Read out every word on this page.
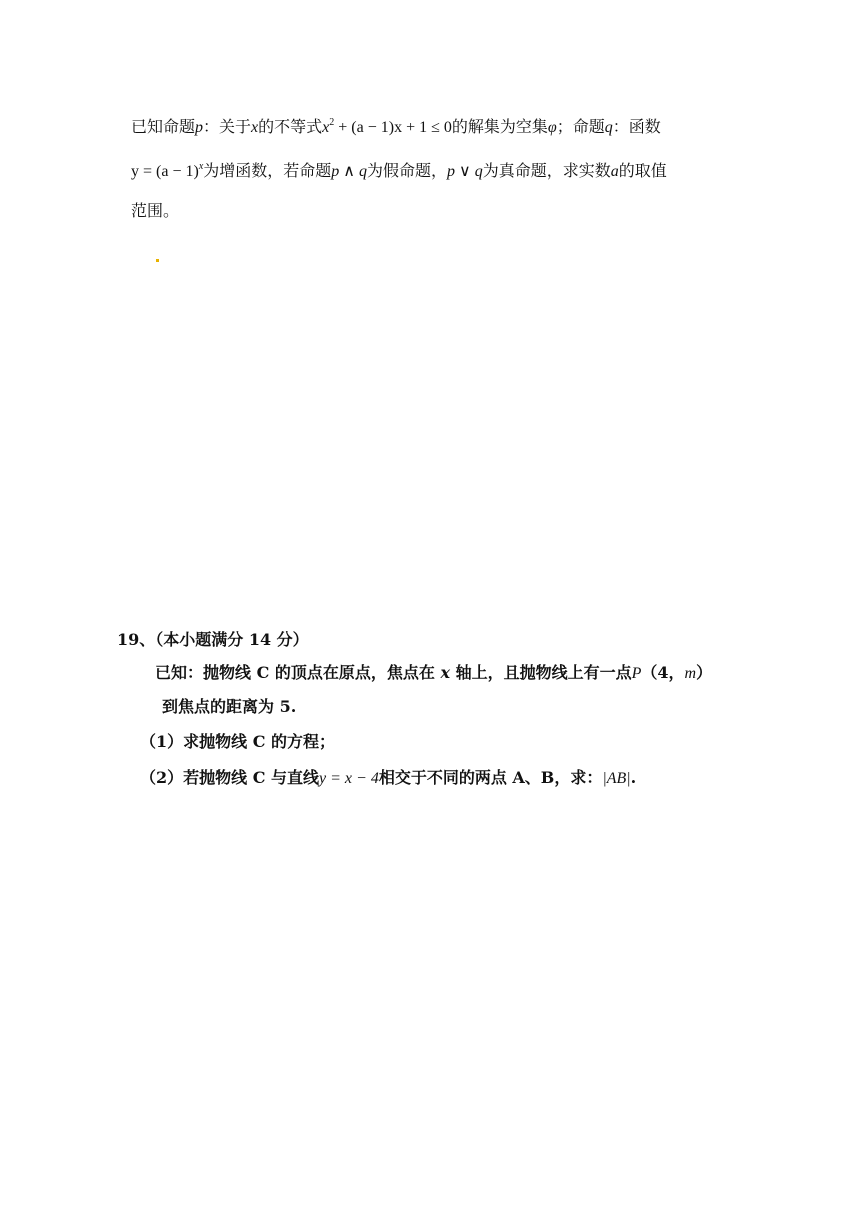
已知命题p：关于x的不等式$x^2 + (a - 1)x + 1 \le 0$的解集为空集φ；命题q：函数
$y = (a - 1)^x$为增函数，若命题p ∧ q为假命题，p ∨ q为真命题，求实数a的取值
范围。
19、（本小题满分 14 分）
已知：抛物线 C 的顶点在原点，焦点在 x 轴上，且抛物线上有一点P（4，m）
到焦点的距离为 5.
（1）求抛物线 C 的方程；
（2）若抛物线 C 与直线y = x − 4相交于不同的两点 A、B，求：|AB|.
